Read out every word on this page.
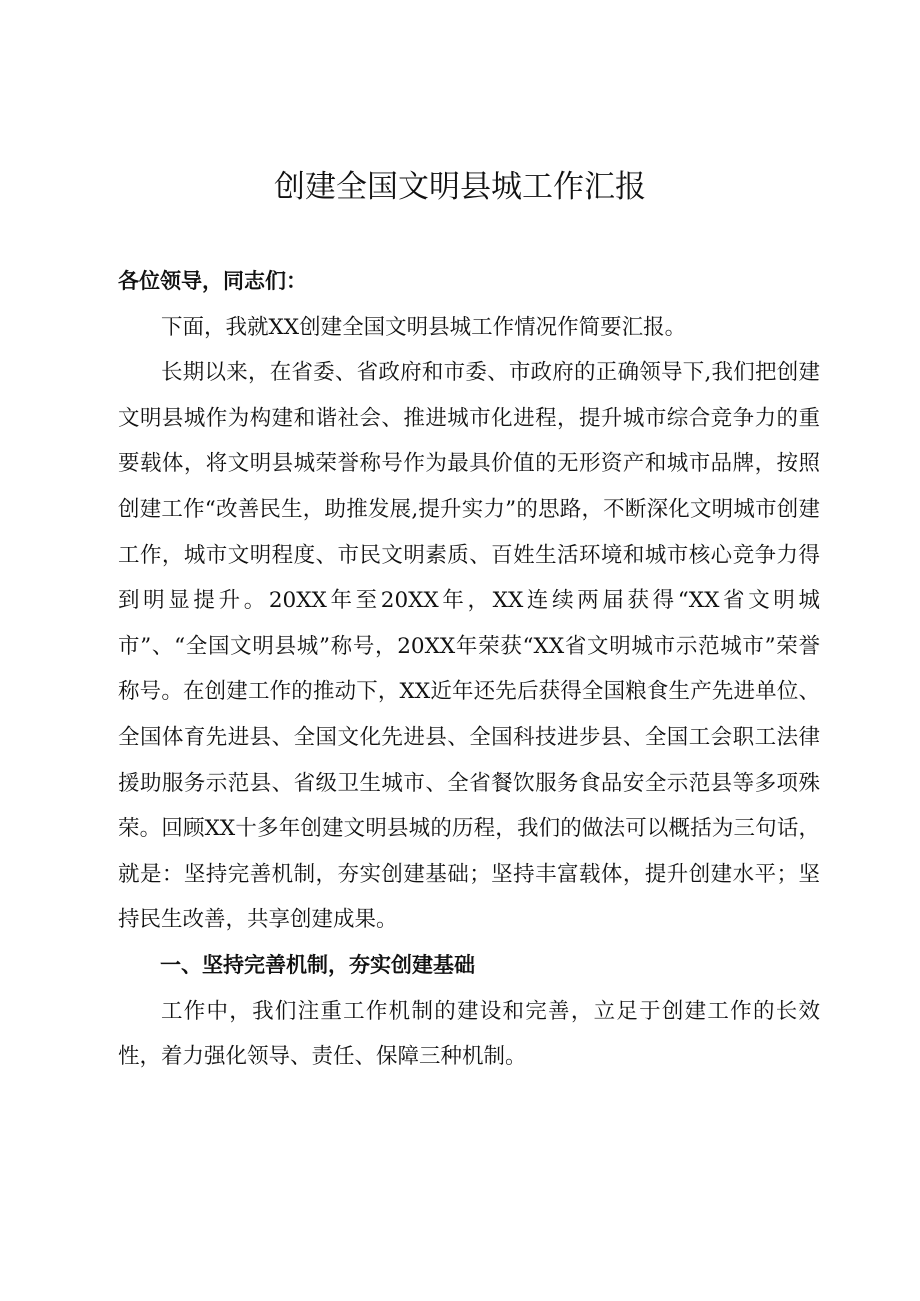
创建全国文明县城工作汇报

各位领导，同志们：

下面，我就XX创建全国文明县城工作情况作简要汇报。

长期以来，在省委、省政府和市委、市政府的正确领导下,我们把创建文明县城作为构建和谐社会、推进城市化进程，提升城市综合竞争力的重要载体，将文明县城荣誉称号作为最具价值的无形资产和城市品牌，按照创建工作“改善民生，助推发展,提升实力”的思路，不断深化文明城市创建工作，城市文明程度、市民文明素质、百姓生活环境和城市核心竞争力得到明显提升。20XX年至20XX年，XX连续两届获得“XX省文明城市”、“全国文明县城”称号，20XX年荣获“XX省文明城市示范城市”荣誉称号。在创建工作的推动下，XX近年还先后获得全国粮食生产先进单位、全国体育先进县、全国文化先进县、全国科技进步县、全国工会职工法律援助服务示范县、省级卫生城市、全省餐饮服务食品安全示范县等多项殊荣。回顾XX十多年创建文明县城的历程，我们的做法可以概括为三句话，就是：坚持完善机制，夯实创建基础；坚持丰富载体，提升创建水平；坚持民生改善，共享创建成果。

一、坚持完善机制，夯实创建基础

工作中，我们注重工作机制的建设和完善，立足于创建工作的长效性，着力强化领导、责任、保障三种机制。
